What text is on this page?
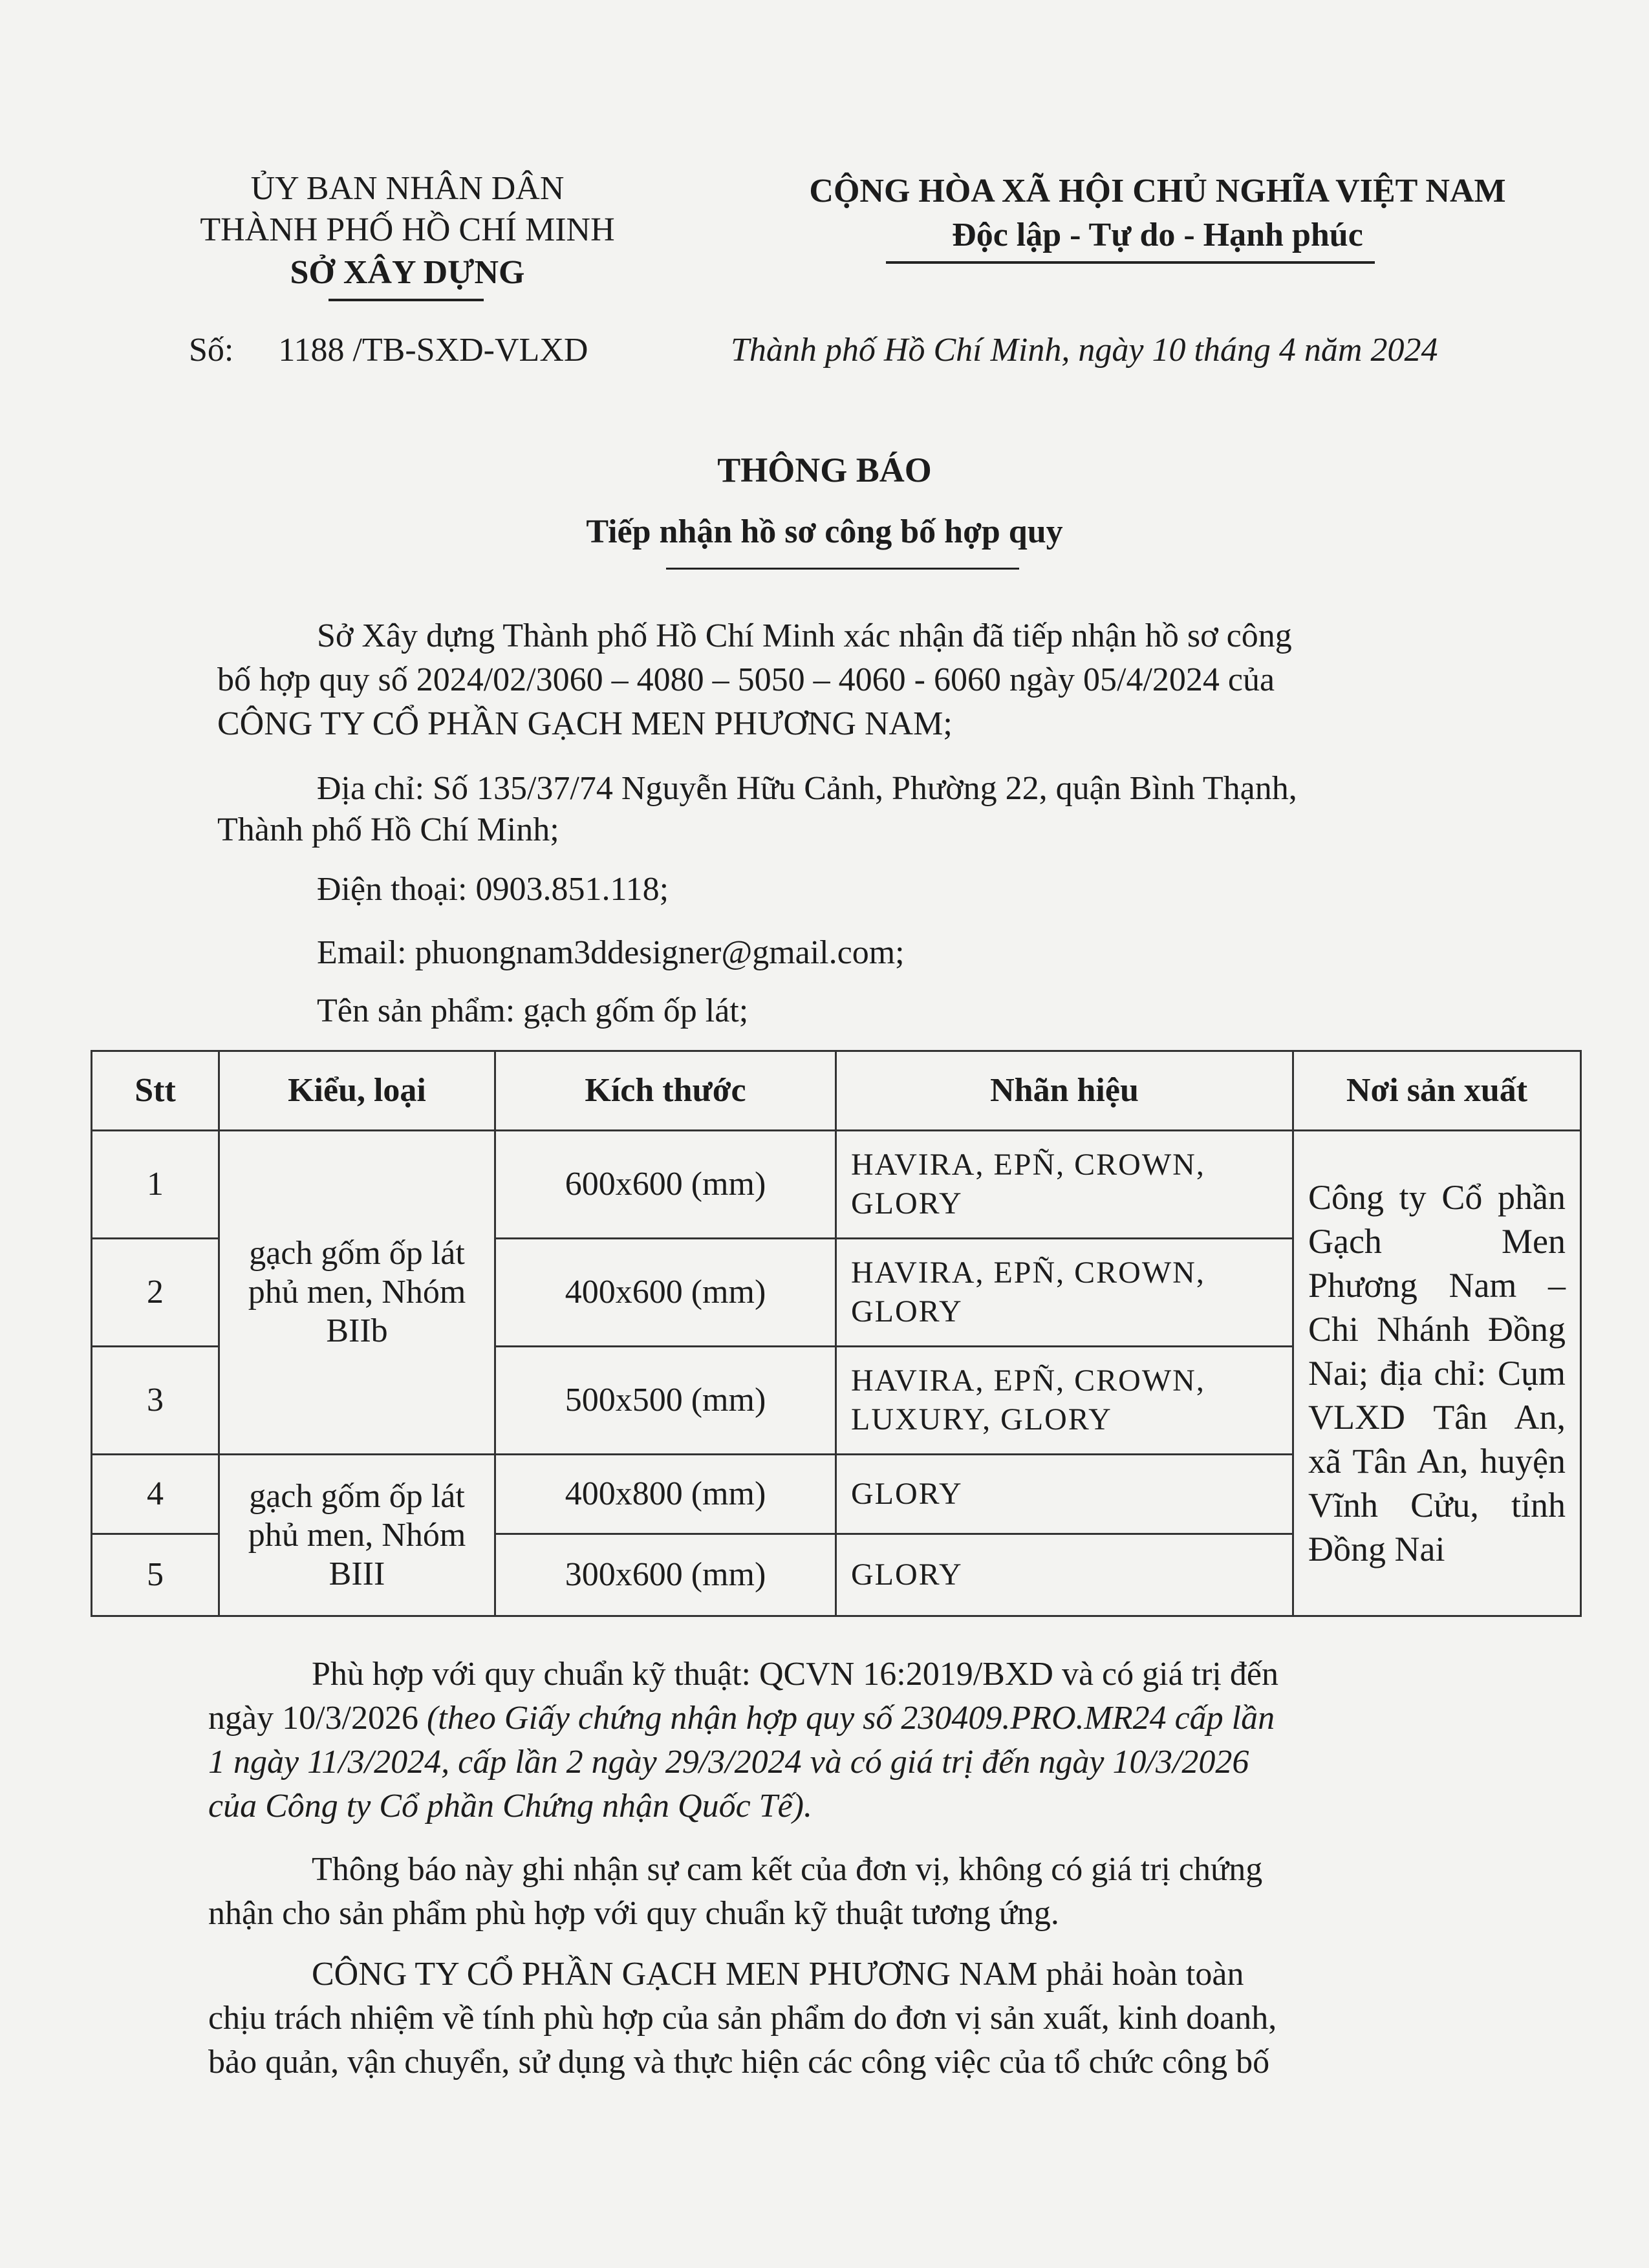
ỦY BAN NHÂN DÂN
THÀNH PHỐ HỒ CHÍ MINH
SỞ XÂY DỰNG
Số: 1188 /TB-SXD-VLXD
CỘNG HÒA XÃ HỘI CHỦ NGHĨA VIỆT NAM
Độc lập - Tự do - Hạnh phúc
Thành phố Hồ Chí Minh, ngày 10 tháng 4 năm 2024
THÔNG BÁO
Tiếp nhận hồ sơ công bố hợp quy
Sở Xây dựng Thành phố Hồ Chí Minh xác nhận đã tiếp nhận hồ sơ công
bố hợp quy số 2024/02/3060 – 4080 – 5050 – 4060 - 6060 ngày 05/4/2024 của
CÔNG TY CỔ PHẦN GẠCH MEN PHƯƠNG NAM;
Địa chỉ: Số 135/37/74 Nguyễn Hữu Cảnh, Phường 22, quận Bình Thạnh,
Thành phố Hồ Chí Minh;
Điện thoại: 0903.851.118;
Email: phuongnam3ddesigner@gmail.com;
Tên sản phẩm: gạch gốm ốp lát;
Stt	Kiểu, loại	Kích thước	Nhãn hiệu	Nơi sản xuất
1	gạch gốm ốp lát phủ men, Nhóm BIIb	600x600 (mm)	HAVIRA, EPÑ, CROWN, GLORY	Công ty Cổ phần Gạch Men Phương Nam – Chi Nhánh Đồng Nai; địa chỉ: Cụm VLXD Tân An, xã Tân An, huyện Vĩnh Cửu, tỉnh Đồng Nai
2		400x600 (mm)	HAVIRA, EPÑ, CROWN, GLORY	
3		500x500 (mm)	HAVIRA, EPÑ, CROWN, LUXURY, GLORY	
4	gạch gốm ốp lát phủ men, Nhóm BIII	400x800 (mm)	GLORY	
5		300x600 (mm)	GLORY	
Phù hợp với quy chuẩn kỹ thuật: QCVN 16:2019/BXD và có giá trị đến
ngày 10/3/2026 (theo Giấy chứng nhận hợp quy số 230409.PRO.MR24 cấp lần
1 ngày 11/3/2024, cấp lần 2 ngày 29/3/2024 và có giá trị đến ngày 10/3/2026
của Công ty Cổ phần Chứng nhận Quốc Tế).
Thông báo này ghi nhận sự cam kết của đơn vị, không có giá trị chứng
nhận cho sản phẩm phù hợp với quy chuẩn kỹ thuật tương ứng.
CÔNG TY CỔ PHẦN GẠCH MEN PHƯƠNG NAM phải hoàn toàn
chịu trách nhiệm về tính phù hợp của sản phẩm do đơn vị sản xuất, kinh doanh,
bảo quản, vận chuyển, sử dụng và thực hiện các công việc của tổ chức công bố
